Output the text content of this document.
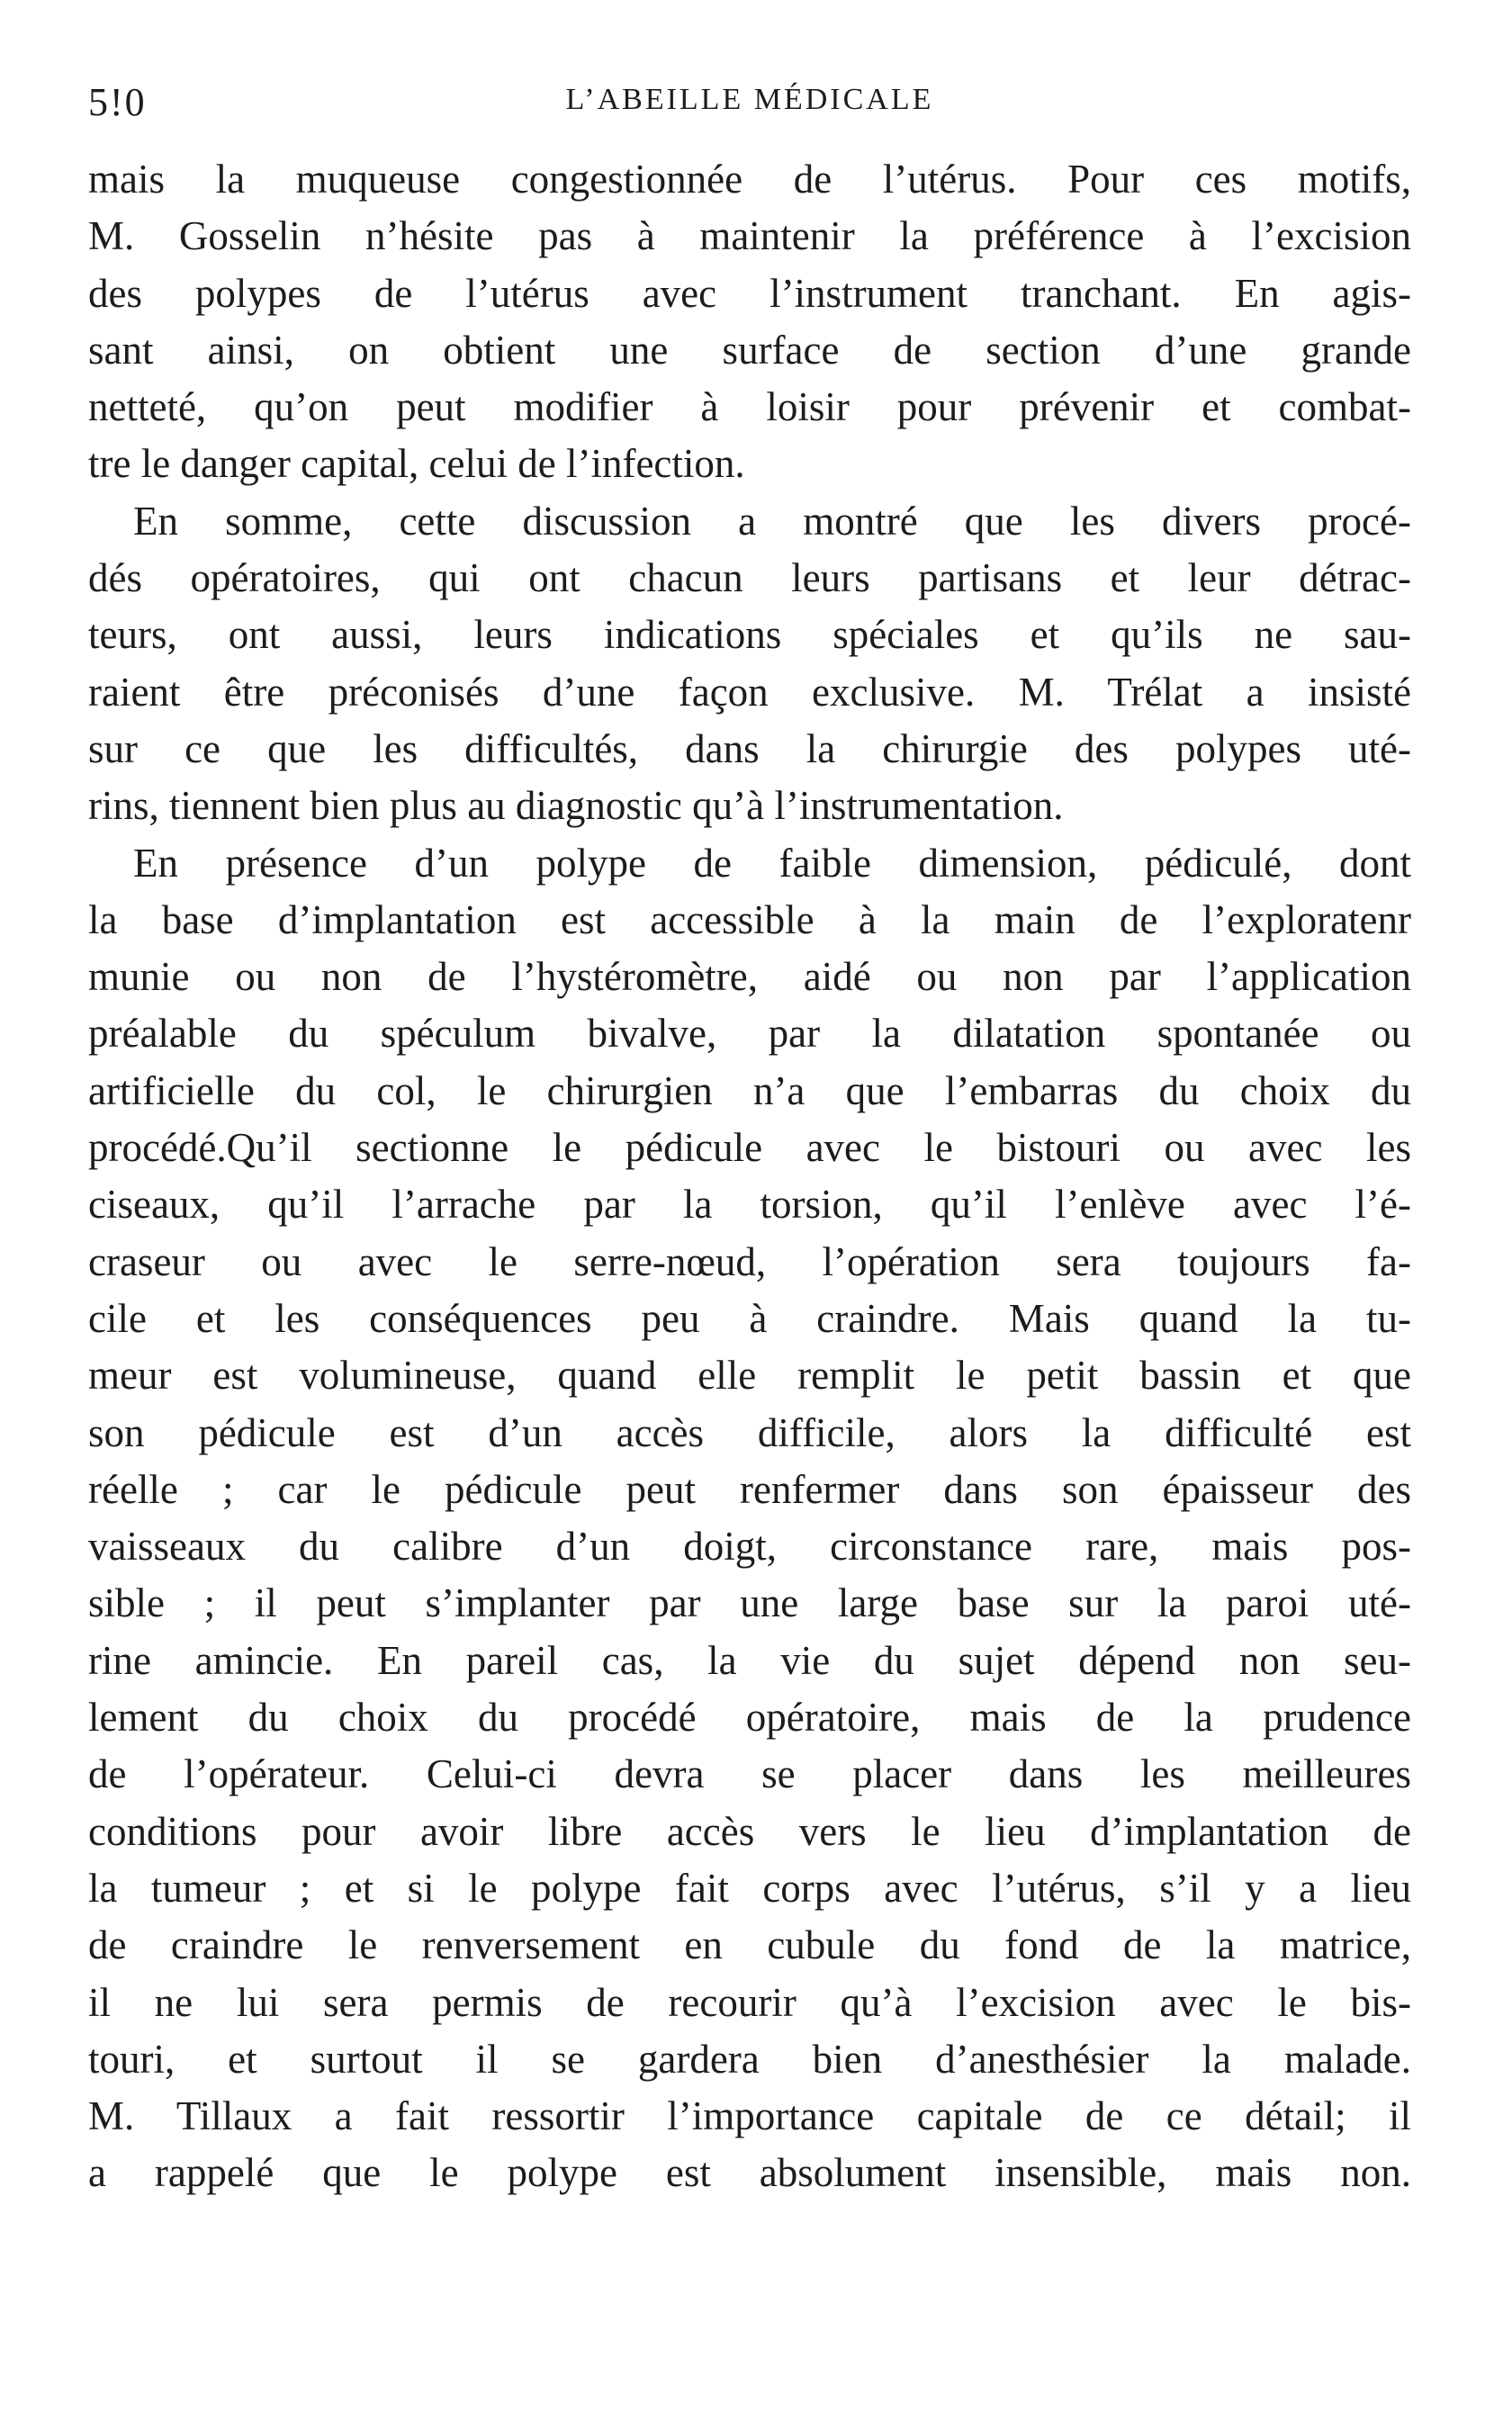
5!0	L’ABEILLE MÉDICALE
mais la muqueuse congestionnée de l’utérus. Pour ces motifs,
M. Gosselin n’hésite pas à maintenir la préférence à l’excision
des polypes de l’utérus avec l’instrument tranchant. En agis-
sant ainsi, on obtient une surface de section d’une grande
netteté, qu’on peut modifier à loisir pour prévenir et combat-
tre le danger capital, celui de l’infection.
En somme, cette discussion a montré que les divers procé-
dés opératoires, qui ont chacun leurs partisans et leur détrac-
teurs, ont aussi, leurs indications spéciales et qu’ils ne sau-
raient être préconisés d’une façon exclusive. M. Trélat a insisté
sur ce que les difficultés, dans la chirurgie des polypes uté-
rins, tiennent bien plus au diagnostic qu’à l’instrumentation.
En présence d’un polype de faible dimension, pédiculé, dont
la base d’implantation est accessible à la main de l’exploratenr
munie ou non de l’hystéromètre, aidé ou non par l’application
préalable du spéculum bivalve, par la dilatation spontanée ou
artificielle du col, le chirurgien n’a que l’embarras du choix du
procédé.Qu’il sectionne le pédicule avec le bistouri ou avec les
ciseaux, qu’il l’arrache par la torsion, qu’il l’enlève avec l’é-
craseur ou avec le serre-nœud, l’opération sera toujours fa-
cile et les conséquences peu à craindre. Mais quand la tu-
meur est volumineuse, quand elle remplit le petit bassin et que
son pédicule est d’un accès difficile, alors la difficulté est
réelle ; car le pédicule peut renfermer dans son épaisseur des
vaisseaux du calibre d’un doigt, circonstance rare, mais pos-
sible ; il peut s’implanter par une large base sur la paroi uté-
rine amincie. En pareil cas, la vie du sujet dépend non seu-
lement du choix du procédé opératoire, mais de la prudence
de l’opérateur. Celui-ci devra se placer dans les meilleures
conditions pour avoir libre accès vers le lieu d’implantation de
la tumeur ; et si le polype fait corps avec l’utérus, s’il y a lieu
de craindre le renversement en cubule du fond de la matrice,
il ne lui sera permis de recourir qu’à l’excision avec le bis-
touri, et surtout il se gardera bien d’anesthésier la malade.
M. Tillaux a fait ressortir l’importance capitale de ce détail; il
a rappelé que le polype est absolument insensible, mais non.
